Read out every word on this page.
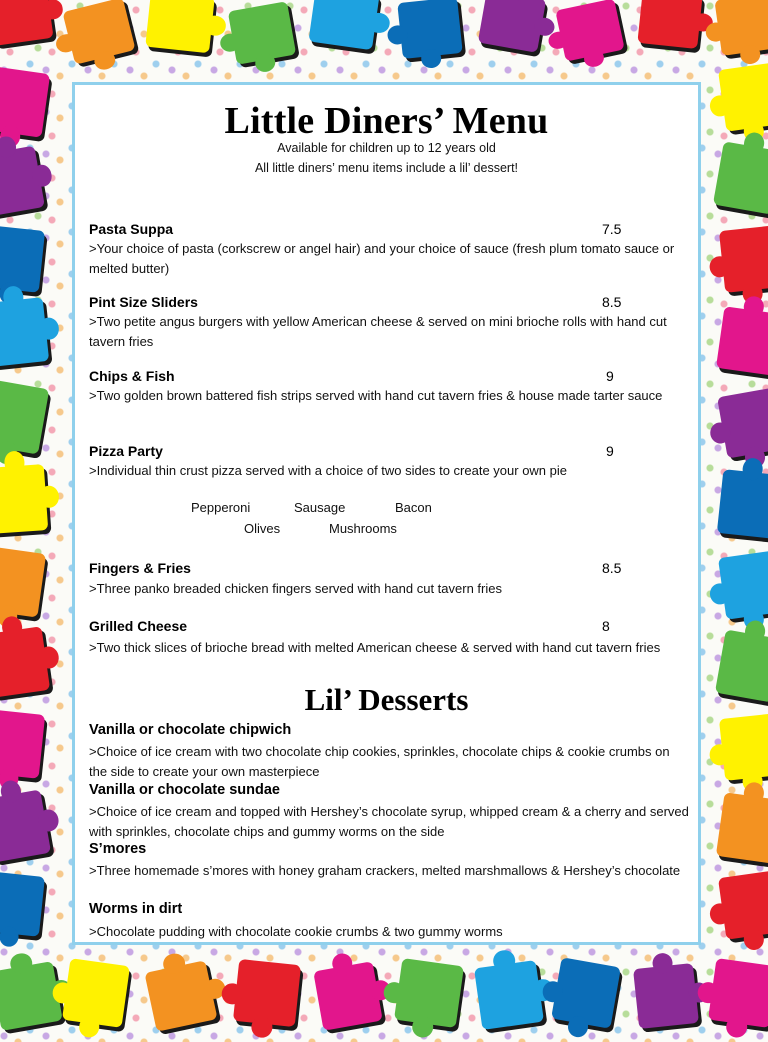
Little Diners’ Menu
Available for children up to 12 years old
All little diners’ menu items include a lil’ dessert!
Pasta Suppa	7.5
>Your choice of pasta (corkscrew or angel hair) and your choice of sauce (fresh plum tomato sauce or melted butter)
Pint Size Sliders	8.5
>Two petite angus burgers with yellow American cheese & served on mini brioche rolls with hand cut tavern fries
Chips & Fish	9
>Two golden brown battered fish strips served with hand cut tavern fries & house made tarter sauce
Pizza Party	9
>Individual thin crust pizza served with a choice of two sides to create your own pie
Pepperoni	Sausage	Bacon
Olives	Mushrooms
Fingers & Fries	8.5
>Three panko breaded chicken fingers served with hand cut tavern fries
Grilled Cheese	8
>Two thick slices of brioche bread with melted American cheese & served with hand cut tavern fries
Lil’ Desserts
Vanilla or chocolate chipwich
>Choice of ice cream with two chocolate chip cookies, sprinkles, chocolate chips & cookie crumbs on the side to create your own masterpiece
Vanilla or chocolate sundae
>Choice of ice cream and topped with Hershey’s chocolate syrup, whipped cream & a cherry and served with sprinkles, chocolate chips and gummy worms on the side
S’mores
>Three homemade s’mores with honey graham crackers, melted marshmallows & Hershey’s chocolate
Worms in dirt
>Chocolate pudding with chocolate cookie crumbs & two gummy worms
